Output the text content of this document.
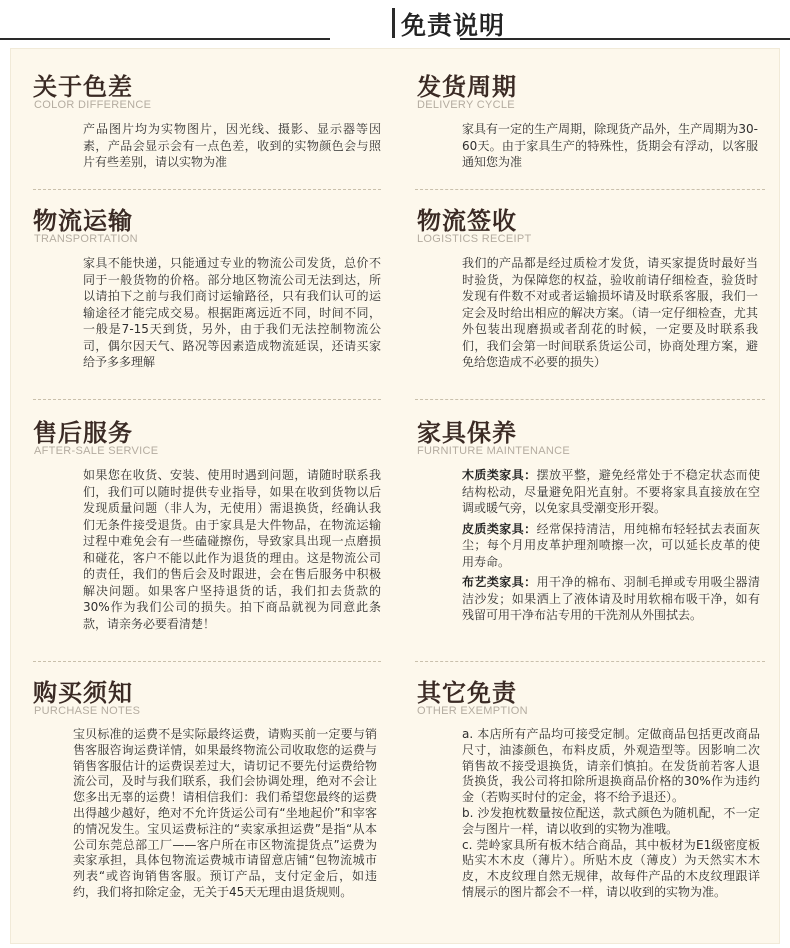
免责说明
关于色差
COLOR DIFFERENCE
产品图片均为实物图片，因光线、摄影、显示器等因素，产品会显示会有一点色差，收到的实物颜色会与照片有些差别，请以实物为准
发货周期
DELIVERY CYCLE
家具有一定的生产周期，除现货产品外，生产周期为30-60天。由于家具生产的特殊性，货期会有浮动，以客服通知您为准
物流运输
TRANSPORTATION
家具不能快递，只能通过专业的物流公司发货，总价不同于一般货物的价格。部分地区物流公司无法到达，所以请拍下之前与我们商讨运输路径，只有我们认可的运输途径才能完成交易。根据距离远近不同，时间不同，一般是7-15天到货，另外，由于我们无法控制物流公司，偶尔因天气、路况等因素造成物流延误，还请买家给予多多理解
物流签收
LOGISTICS RECEIPT
我们的产品都是经过质检才发货，请买家提货时最好当时验货，为保障您的权益，验收前请仔细检查，验货时发现有件数不对或者运输损坏请及时联系客服，我们一定会及时给出相应的解决方案。（请一定仔细检查，尤其外包装出现磨损或者刮花的时候，一定要及时联系我们，我们会第一时间联系货运公司，协商处理方案，避免给您造成不必要的损失）
售后服务
AFTER-SALE SERVICE
如果您在收货、安装、使用时遇到问题，请随时联系我们，我们可以随时提供专业指导，如果在收到货物以后发现质量问题（非人为，无使用）需退换货，经确认我们无条件接受退货。由于家具是大件物品，在物流运输过程中难免会有一些磕碰擦伤，导致家具出现一点磨损和碰花，客户不能以此作为退货的理由。这是物流公司的责任，我们的售后会及时跟进，会在售后服务中积极解决问题。如果客户坚持退货的话，我们扣去货款的30%作为我们公司的损失。拍下商品就视为同意此条款，请亲务必要看清楚！
家具保养
FURNITURE MAINTENANCE

木质类家具：摆放平整，避免经常处于不稳定状态而使结构松动，尽量避免阳光直射。不要将家具直接放在空调或暖气旁，以免家具受潮变形开裂。

皮质类家具：经常保持清洁，用纯棉布轻轻拭去表面灰尘；每个月用皮革护理剂喷擦一次，可以延长皮革的使用寿命。

布艺类家具：用干净的棉布、羽制毛掸或专用吸尘器清洁沙发；如果洒上了液体请及时用软棉布吸干净，如有残留可用干净布沾专用的干洗剂从外围拭去。

购买须知
PURCHASE NOTES
宝贝标准的运费不是实际最终运费，请购买前一定要与销售客服咨询运费详情，如果最终物流公司收取您的运费与销售客服估计的运费误差过大，请切记不要先付运费给物流公司，及时与我们联系，我们会协调处理，绝对不会让您多出无辜的运费！请相信我们：我们希望您最终的运费出得越少越好，绝对不允许货运公司有“坐地起价”和宰客的情况发生。宝贝运费标注的“卖家承担运费”是指“从本公司东莞总部工厂——客户所在市区物流提货点”运费为卖家承担，具体包物流运费城市请留意店铺“包物流城市列表“或咨询销售客服。预订产品，支付定金后，如违约，我们将扣除定金，无关于45天无理由退货规则。
其它免责
OTHER EXEMPTION

a. 本店所有产品均可接受定制。定做商品包括更改商品尺寸，油漆颜色，布料皮质，外观造型等。因影响二次销售故不接受退换货，请亲们慎拍。在发货前若客人退货换货，我公司将扣除所退换商品价格的30%作为违约金（若购买时付的定金，将不给予退还）。

b. 沙发抱枕数量按位配送，款式颜色为随机配，不一定会与图片一样，请以收到的实物为准哦。

c. 莞岭家具所有板木结合商品，其中板材为E1级密度板贴实木木皮（薄片）。所贴木皮（薄皮）为天然实木木皮，木皮纹理自然无规律，故每件产品的木皮纹理跟详情展示的图片都会不一样，请以收到的实物为准。
